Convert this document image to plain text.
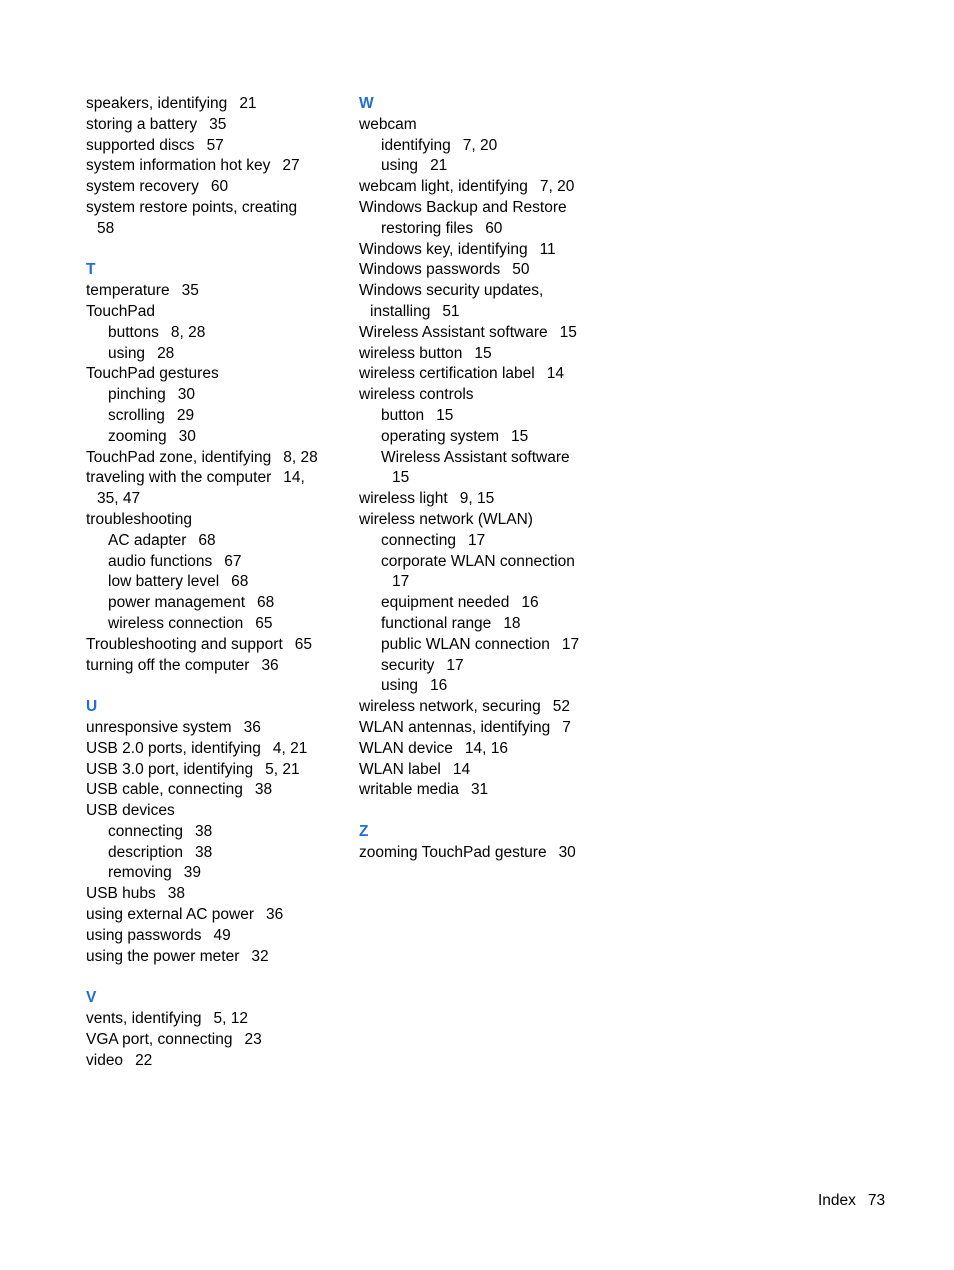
speakers, identifying 21
storing a battery 35
supported discs 57
system information hot key 27
system recovery 60
system restore points, creating
58
T
temperature 35
TouchPad
buttons 8, 28
using 28
TouchPad gestures
pinching 30
scrolling 29
zooming 30
TouchPad zone, identifying 8, 28
traveling with the computer 14,
35, 47
troubleshooting
AC adapter 68
audio functions 67
low battery level 68
power management 68
wireless connection 65
Troubleshooting and support 65
turning off the computer 36
U
unresponsive system 36
USB 2.0 ports, identifying 4, 21
USB 3.0 port, identifying 5, 21
USB cable, connecting 38
USB devices
connecting 38
description 38
removing 39
USB hubs 38
using external AC power 36
using passwords 49
using the power meter 32
V
vents, identifying 5, 12
VGA port, connecting 23
video 22
W
webcam
identifying 7, 20
using 21
webcam light, identifying 7, 20
Windows Backup and Restore
restoring files 60
Windows key, identifying 11
Windows passwords 50
Windows security updates,
installing 51
Wireless Assistant software 15
wireless button 15
wireless certification label 14
wireless controls
button 15
operating system 15
Wireless Assistant software
15
wireless light 9, 15
wireless network (WLAN)
connecting 17
corporate WLAN connection
17
equipment needed 16
functional range 18
public WLAN connection 17
security 17
using 16
wireless network, securing 52
WLAN antennas, identifying 7
WLAN device 14, 16
WLAN label 14
writable media 31
Z
zooming TouchPad gesture 30
Index 73
